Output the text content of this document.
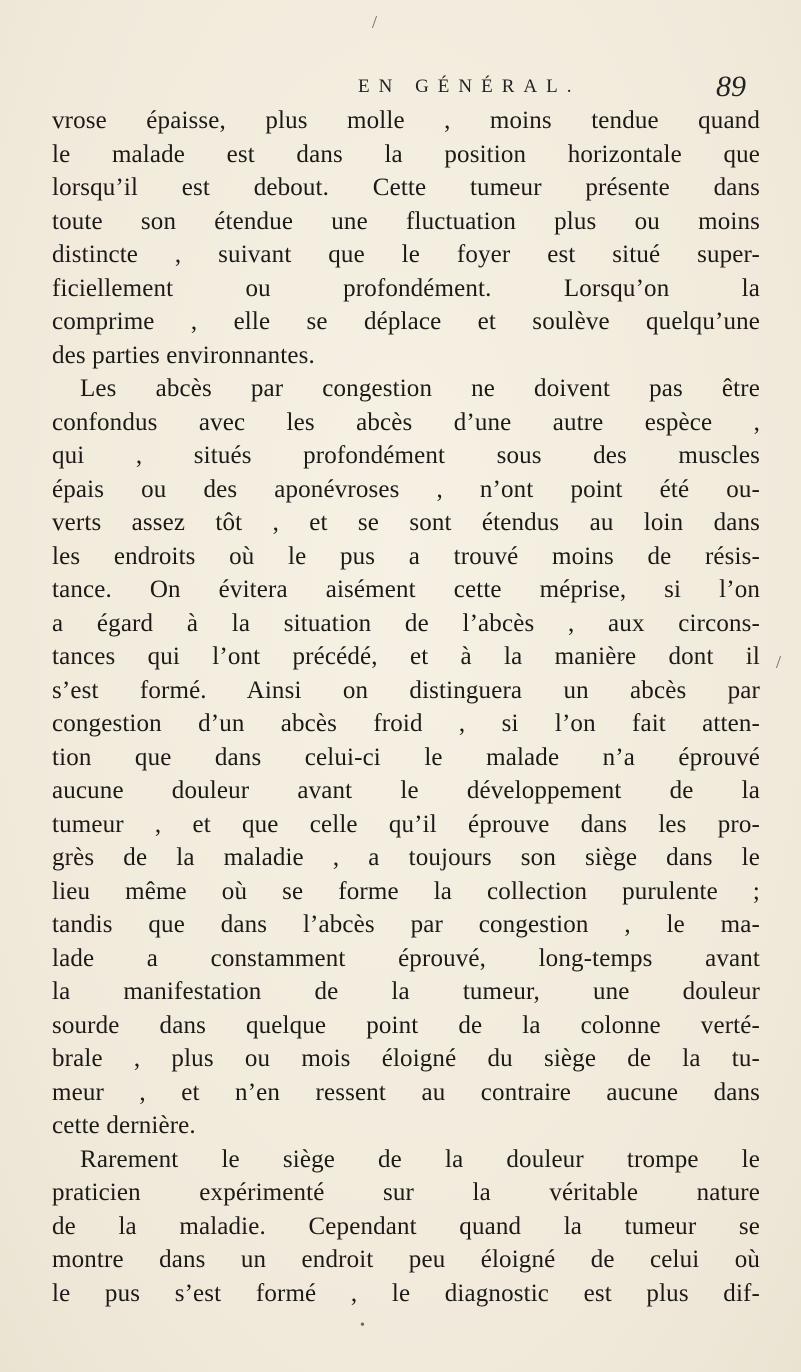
/
/
•
EN GÉNÉRAL.	89
vrose épaisse, plus molle , moins tendue quand
le malade est dans la position horizontale que
lorsqu’il est debout. Cette tumeur présente dans
toute son étendue une fluctuation plus ou moins
distincte , suivant que le foyer est situé super-
ficiellement ou profondément. Lorsqu’on la
comprime , elle se déplace et soulève quelqu’une
des parties environnantes.
Les abcès par congestion ne doivent pas être
confondus avec les abcès d’une autre espèce ,
qui , situés profondément sous des muscles
épais ou des aponévroses , n’ont point été ou-
verts assez tôt , et se sont étendus au loin dans
les endroits où le pus a trouvé moins de résis-
tance. On évitera aisément cette méprise, si l’on
a égard à la situation de l’abcès , aux circons-
tances qui l’ont précédé, et à la manière dont il
s’est formé. Ainsi on distinguera un abcès par
congestion d’un abcès froid , si l’on fait atten-
tion que dans celui-ci le malade n’a éprouvé
aucune douleur avant le développement de la
tumeur , et que celle qu’il éprouve dans les pro-
grès de la maladie , a toujours son siège dans le
lieu même où se forme la collection purulente ;
tandis que dans l’abcès par congestion , le ma-
lade a constamment éprouvé, long-temps avant
la manifestation de la tumeur, une douleur
sourde dans quelque point de la colonne verté-
brale , plus ou mois éloigné du siège de la tu-
meur , et n’en ressent au contraire aucune dans
cette dernière.
Rarement le siège de la douleur trompe le
praticien expérimenté sur la véritable nature
de la maladie. Cependant quand la tumeur se
montre dans un endroit peu éloigné de celui où
le pus s’est formé , le diagnostic est plus dif-
